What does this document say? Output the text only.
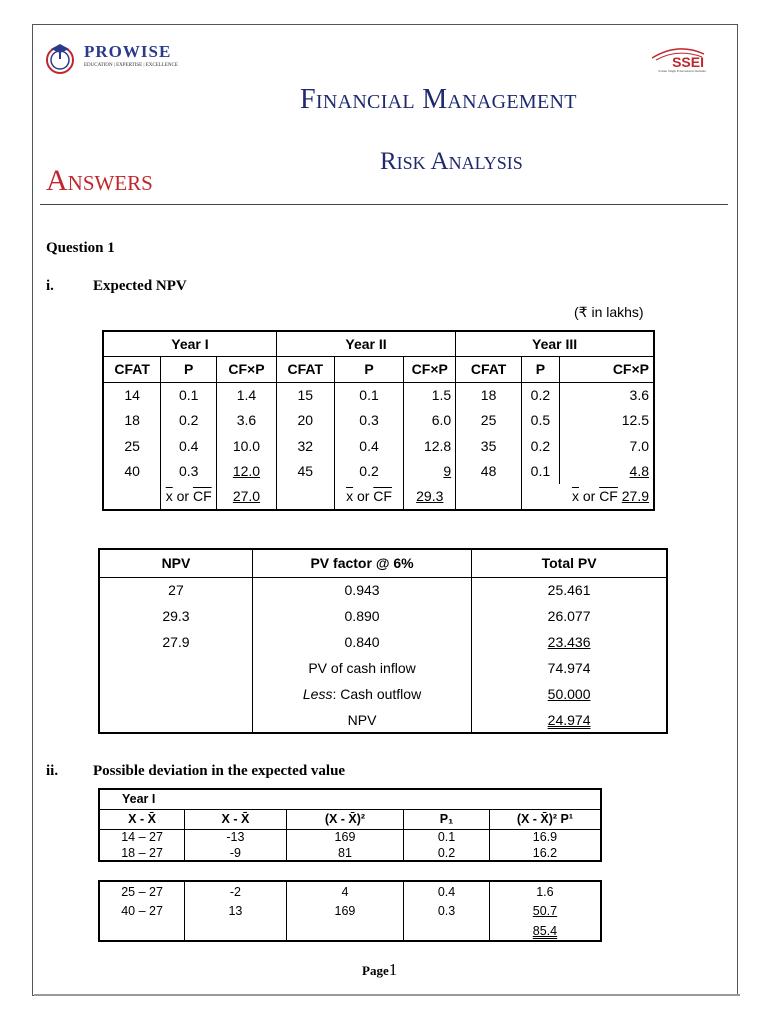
PROWISE
EDUCATION | EXPERTISE | EXCELLENCE	SSEI
Sohan Singh Educational Institute
Financial Management
Risk Analysis
Answers
Question 1
i.	Expected NPV
(₹ in lakhs)
Year I			Year II			Year III		
CFAT	P	CF×P	CFAT	P	CF×P	CFAT	P	CF×P
14	0.1	1.4	15	0.1	1.5	18	0.2	3.6
18	0.2	3.6	20	0.3	6.0	25	0.5	12.5
25	0.4	10.0	32	0.4	12.8	35	0.2	7.0
40	0.3	12.0	45	0.2	9	48	0.1	4.8
	$\overline{x}$ or $\overline{CF}$	27.0		$\overline{x}$ or $\overline{CF}$	29.3		$\overline{x}$ or $\overline{CF}$ 27.9	
NPV	PV factor @ 6%	Total PV
27	0.943	25.461
29.3	0.890	26.077
27.9	0.840	23.436
	PV of cash inflow	74.974
	Less: Cash outflow	50.000
	NPV	24.974
ii. Possible deviation in the expected value
Year I				
X - X̄	X - X̄	(X - X̄)²	P₁	(X - X̄)² P¹
14 – 27	-13	169	0.1	16.9
18 – 27	-9	81	0.2	16.2
25 – 27	-2	4	0.4	1.6
40 – 27	13	169	0.3	50.7
				85.4
Page1
